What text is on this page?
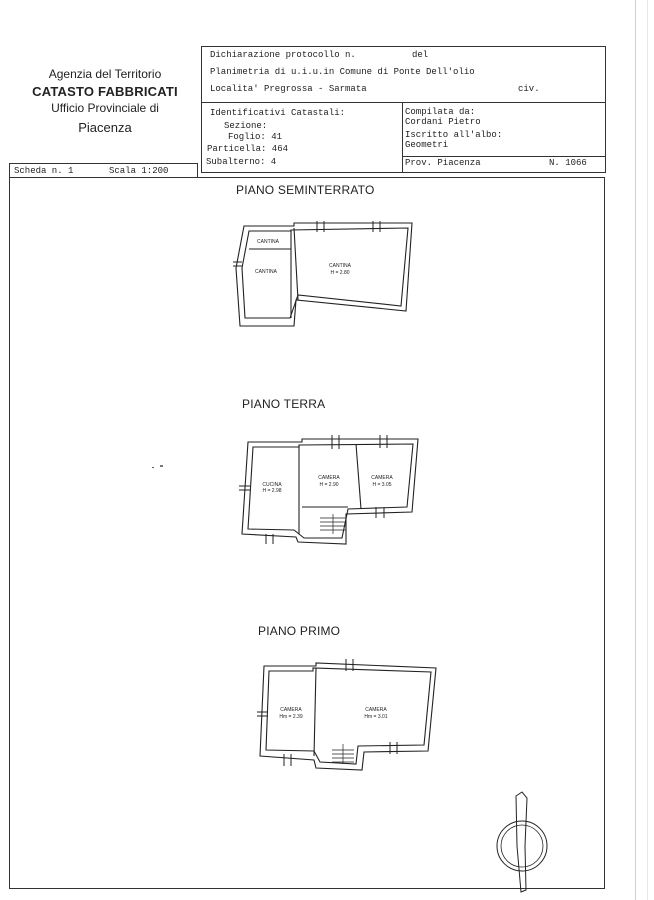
Agenzia del Territorio
CATASTO FABBRICATI
Ufficio Provinciale di
Piacenza
Dichiarazione protocollo n.	del
Planimetria di u.i.u.in Comune di Ponte Dell'olio
Localita' Pregrossa - Sarmata	civ.
Identificativi Catastali:
Sezione:
Foglio: 41
Particella: 464
Subalterno: 4
Compilata da:
Cordani Pietro
Iscritto all'albo:
Geometri
Prov. Piacenza	N. 1066
Scheda n. 1	Scala 1:200
PIANO SEMINTERRATO
CANTINA
CANTINA
CANTINA
H = 2.80
PIANO TERRA
CUCINA
H = 2.98
CAMERA
H = 2.90
CAMERA
H = 3.05
PIANO PRIMO
CAMERA
Hm = 2.39
CAMERA
Hm = 3.01
